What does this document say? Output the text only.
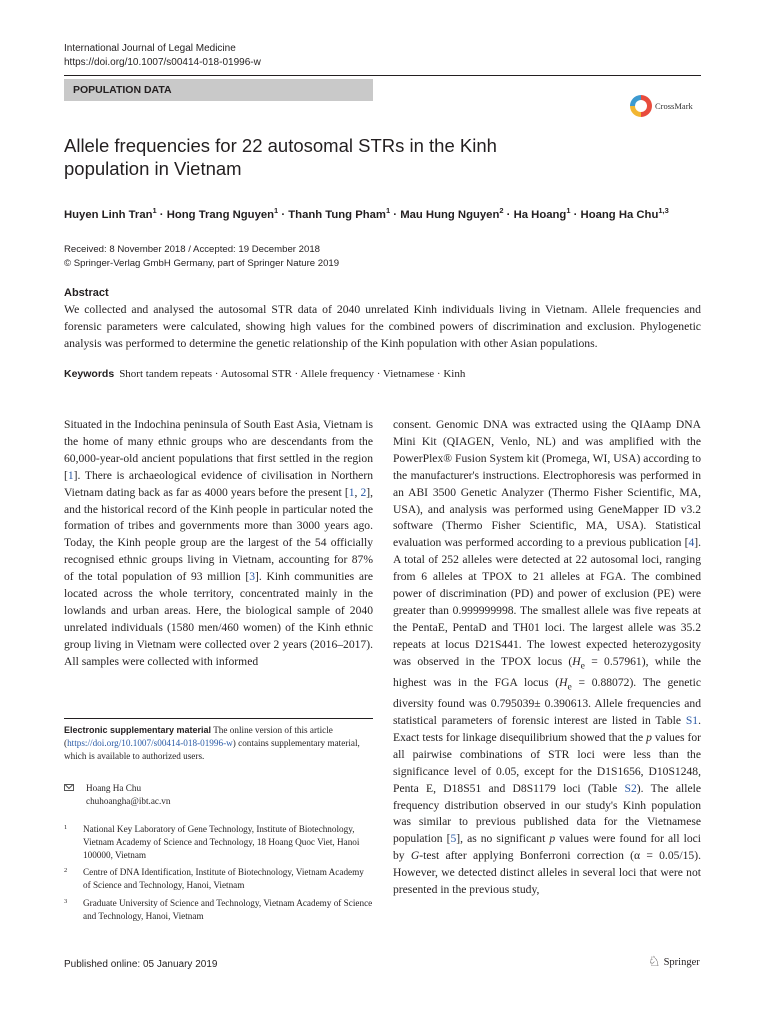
International Journal of Legal Medicine
https://doi.org/10.1007/s00414-018-01996-w
POPULATION DATA
CrossMark
Allele frequencies for 22 autosomal STRs in the Kinh population in Vietnam
Huyen Linh Tran$^1$ · Hong Trang Nguyen$^1$ · Thanh Tung Pham$^1$ · Mau Hung Nguyen$^2$ · Ha Hoang$^1$ · Hoang Ha Chu$^{1,3}$
Received: 8 November 2018 / Accepted: 19 December 2018
© Springer-Verlag GmbH Germany, part of Springer Nature 2019
Abstract
We collected and analysed the autosomal STR data of 2040 unrelated Kinh individuals living in Vietnam. Allele frequencies and forensic parameters were calculated, showing high values for the combined powers of discrimination and exclusion. Phylogenetic analysis was performed to determine the genetic relationship of the Kinh population with other Asian populations.
Keywords Short tandem repeats · Autosomal STR · Allele frequency · Vietnamese · Kinh
Situated in the Indochina peninsula of South East Asia, Vietnam is the home of many ethnic groups who are descendants from the 60,000-year-old ancient populations that first settled in the region [1]. There is archaeological evidence of civilisation in Northern Vietnam dating back as far as 4000 years before the present [1, 2], and the historical record of the Kinh people in particular noted the formation of tribes and governments more than 3000 years ago. Today, the Kinh people group are the largest of the 54 officially recognised ethnic groups living in Vietnam, accounting for 87% of the total population of 93 million [3]. Kinh communities are located across the whole territory, concentrated mainly in the lowlands and urban areas. Here, the biological sample of 2040 unrelated individuals (1580 men/460 women) of the Kinh ethnic group living in Vietnam were collected over 2 years (2016–2017). All samples were collected with informed
consent. Genomic DNA was extracted using the QIAamp DNA Mini Kit (QIAGEN, Venlo, NL) and was amplified with the PowerPlex® Fusion System kit (Promega, WI, USA) according to the manufacturer's instructions. Electrophoresis was performed in an ABI 3500 Genetic Analyzer (Thermo Fisher Scientific, MA, USA), and analysis was performed using GeneMapper ID v3.2 software (Thermo Fisher Scientific, MA, USA). Statistical evaluation was performed according to a previous publication [4]. A total of 252 alleles were detected at 22 autosomal loci, ranging from 6 alleles at TPOX to 21 alleles at FGA. The combined power of discrimination (PD) and power of exclusion (PE) were greater than 0.999999998. The smallest allele was five repeats at the PentaE, PentaD and TH01 loci. The largest allele was 35.2 repeats at locus D21S441. The lowest expected heterozygosity was observed in the TPOX locus $(H_e = 0.57961)$, while the highest was in the FGA locus $(H_e = 0.88072)$. The genetic diversity found was 0.795039± 0.390613. Allele frequencies and statistical parameters of forensic interest are listed in Table S1. Exact tests for linkage disequilibrium showed that the p values for all pairwise combinations of STR loci were less than the significance level of 0.05, except for the D1S1656, D10S1248, Penta E, D18S51 and D8S1179 loci (Table S2). The allele frequency distribution observed in our study's Kinh population was similar to previous published data for the Vietnamese population [5], as no significant p values were found for all loci by G-test after applying Bonferroni correction (α = 0.05/15). However, we detected distinct alleles in several loci that were not presented in the previous study,
Electronic supplementary material The online version of this article (https://doi.org/10.1007/s00414-018-01996-w) contains supplementary material, which is available to authorized users.
Hoang Ha Chu
chuhoangha@ibt.ac.vn
1 National Key Laboratory of Gene Technology, Institute of Biotechnology, Vietnam Academy of Science and Technology, 18 Hoang Quoc Viet, Hanoi 100000, Vietnam
2 Centre of DNA Identification, Institute of Biotechnology, Vietnam Academy of Science and Technology, Hanoi, Vietnam
3 Graduate University of Science and Technology, Vietnam Academy of Science and Technology, Hanoi, Vietnam
Published online: 05 January 2019	♘ Springer
